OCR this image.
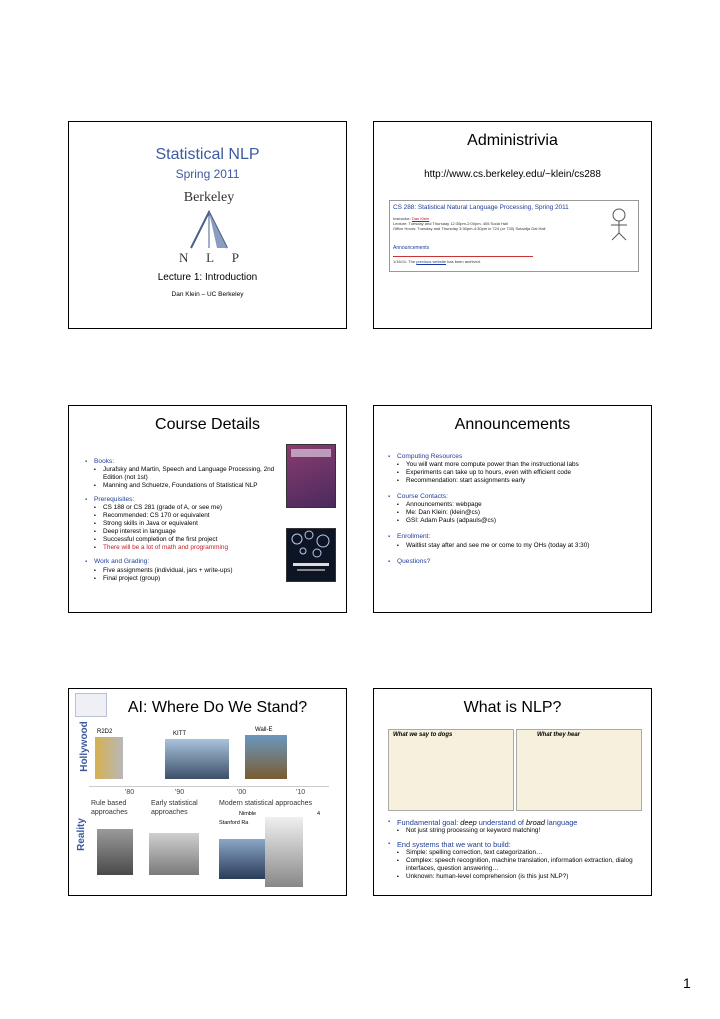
Statistical NLP
Spring 2011
Berkeley
N L P
Lecture 1: Introduction
Dan Klein – UC Berkeley
Administrivia
http://www.cs.berkeley.edu/~klein/cs288
CS 288: Statistical Natural Language Processing, Spring 2011
Instructor: Dan Klein
Lecture: Tuesday and Thursday 12:30pm-2:00pm, 405 Soda Hall
Office Hours: Tuesday and Thursday 3:30pm-4:30pm in 724 (or 730) Sutardja Dai Hall
Announcements
1/16/11: The previous website has been archived.
Course Details
▪ Books:
▪ Jurafsky and Martin, Speech and Language Processing, 2nd Edition (not 1st)
▪ Manning and Schuetze, Foundations of Statistical NLP
▪ Prerequisites:
▪ CS 188 or CS 281 (grade of A, or see me)
▪ Recommended: CS 170 or equivalent
▪ Strong skills in Java or equivalent
▪ Deep interest in language
▪ Successful completion of the first project
▪ There will be a lot of math and programming
▪ Work and Grading:
▪ Five assignments (individual, jars + write-ups)
▪ Final project (group)
Announcements
▪ Computing Resources
▪ You will want more compute power than the instructional labs
▪ Experiments can take up to hours, even with efficient code
▪ Recommendation: start assignments early
▪ Course Contacts:
▪ Announcements: webpage
▪ Me: Dan Klein: (klein@cs)
▪ GSI: Adam Pauls (adpauls@cs)
▪ Enrollment:
▪ Waitlist stay after and see me or come to my OHs (today at 3:30)
▪ Questions?
AI: Where Do We Stand?
Hollywood
Reality
R2D2	KITT
Wall-E
'80	'90	'00	'10
Rule based approaches
Early statistical approaches
Modern statistical approaches
Nimble	4
Stanford Ra
What is NLP?
What we say to dogs	What they hear
▪ Fundamental goal: deep understand of broad language
▪ Not just string processing or keyword matching!
▪ End systems that we want to build:
▪ Simple: spelling correction, text categorization…
▪ Complex: speech recognition, machine translation, information extraction, dialog interfaces, question answering…
▪ Unknown: human-level comprehension (is this just NLP?)
1
